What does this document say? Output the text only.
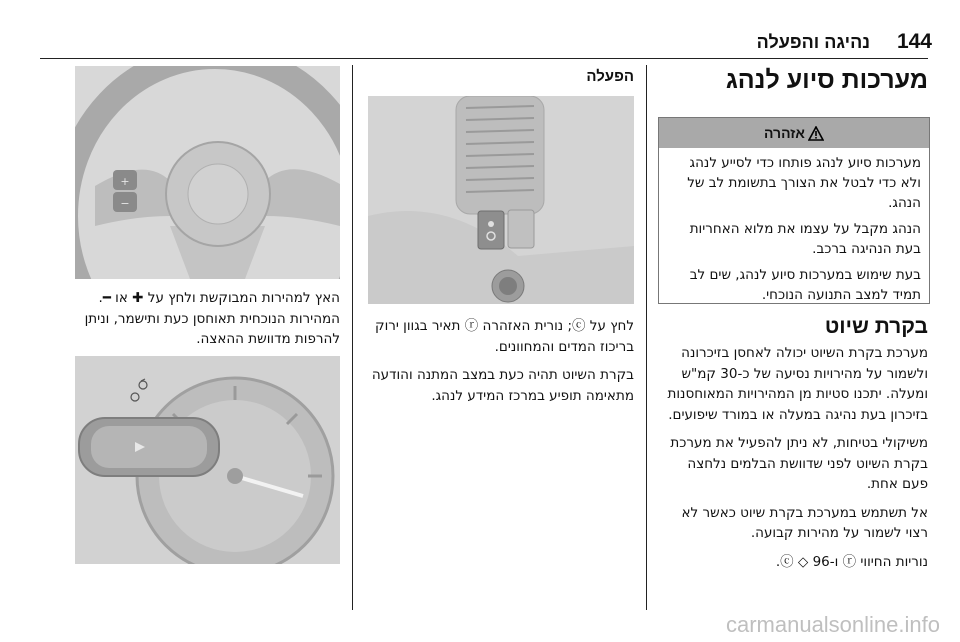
נהיגה והפעלה	144
מערכות סיוע לנהג
אזהרה

מערכות סיוע לנהג פותחו כדי לסייע לנהג ולא כדי לבטל את הצורך בתשומת לב של הנהג.

הנהג מקבל על עצמו את מלוא האחריות בעת הנהיגה ברכב.

בעת שימוש במערכות סיוע לנהג, שים לב תמיד למצב התנועה הנוכחי.

בקרת שיוט

מערכת בקרת השיוט יכולה לאחסן בזיכרונה ולשמור על מהירויות נסיעה של כ-30 קמ"ש ומעלה. יתכנו סטיות מן המהירויות המאוחסנות בזיכרון בעת נהיגה במעלה או במורד שיפועים.

משיקולי בטיחות, לא ניתן להפעיל את מערכת בקרת השיוט לפני שדוושת הבלמים נלחצה פעם אחת.

אל תשתמש במערכת בקרת שיוט כאשר לא רצוי לשמור על מהירות קבועה.

נוריות החיווי ⓡ ו-ⓒ ◇ 96.

הפעלה

לחץ על ⓒ; נורית האזהרה ⓡ תאיר בגוון ירוק בריכוז המדים והמחוונים.

בקרת השיוט תהיה כעת במצב המתנה והודעה מתאימה תופיע במרכז המידע לנהג.

+
−

האץ למהירות המבוקשת ולחץ על ✚ או ━. המהירות הנוכחית תאוחסן כעת ותישמר, וניתן להרפות מדוושת ההאצה.

carmanualsonline.info
